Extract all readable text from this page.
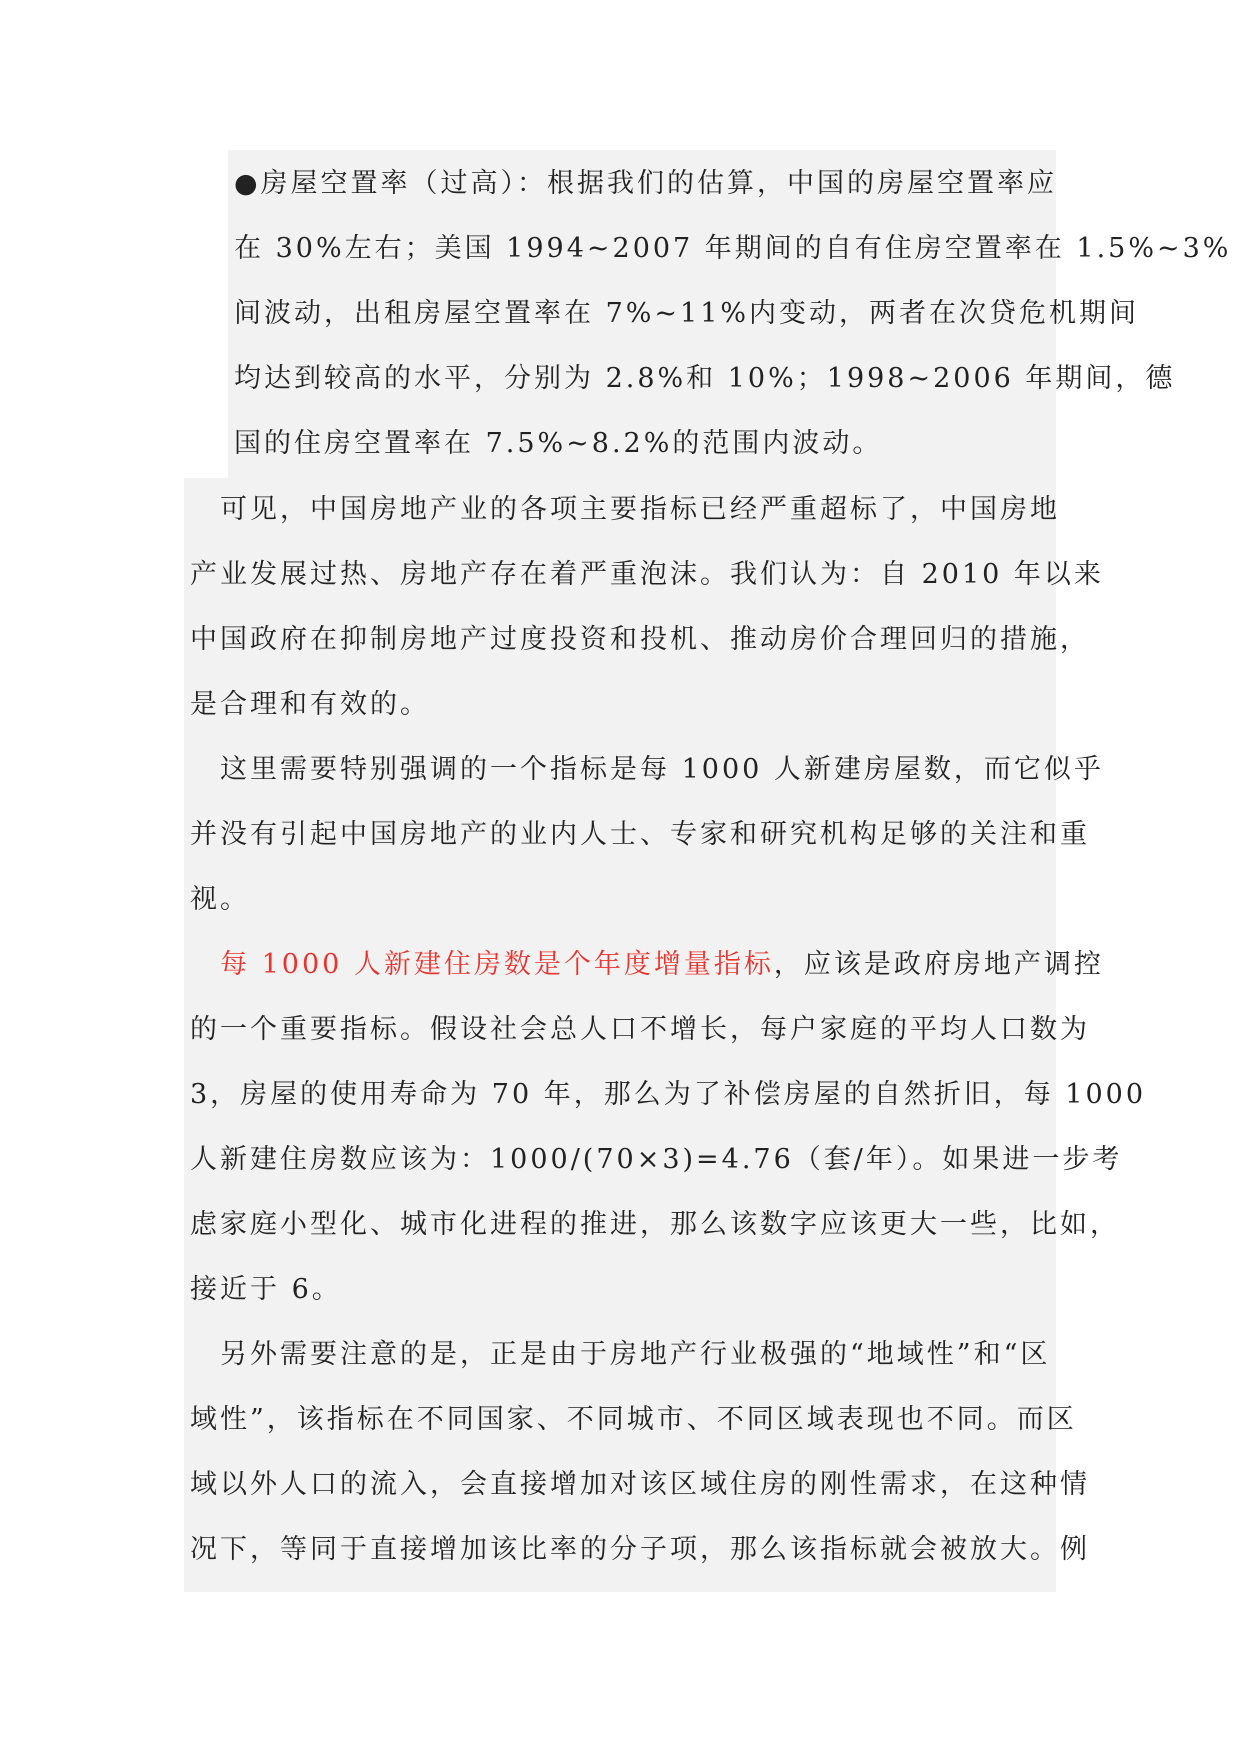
●房屋空置率（过高）：根据我们的估算，中国的房屋空置率应
在 30%左右；美国 1994~2007 年期间的自有住房空置率在 1.5%~3%
间波动，出租房屋空置率在 7%~11%内变动，两者在次贷危机期间
均达到较高的水平，分别为 2.8%和 10%；1998~2006 年期间，德
国的住房空置率在 7.5%~8.2%的范围内波动。
　可见，中国房地产业的各项主要指标已经严重超标了，中国房地
产业发展过热、房地产存在着严重泡沫。我们认为：自 2010 年以来
中国政府在抑制房地产过度投资和投机、推动房价合理回归的措施，
是合理和有效的。
　这里需要特别强调的一个指标是每 1000 人新建房屋数，而它似乎
并没有引起中国房地产的业内人士、专家和研究机构足够的关注和重
视。
　每 1000 人新建住房数是个年度增量指标，应该是政府房地产调控
的一个重要指标。假设社会总人口不增长，每户家庭的平均人口数为
3，房屋的使用寿命为 70 年，那么为了补偿房屋的自然折旧，每 1000
人新建住房数应该为：1000/(70×3)=4.76（套/年）。如果进一步考
虑家庭小型化、城市化进程的推进，那么该数字应该更大一些，比如，
接近于 6。
　另外需要注意的是，正是由于房地产行业极强的“地域性”和“区
域性”，该指标在不同国家、不同城市、不同区域表现也不同。而区
域以外人口的流入，会直接增加对该区域住房的刚性需求，在这种情
况下，等同于直接增加该比率的分子项，那么该指标就会被放大。例
